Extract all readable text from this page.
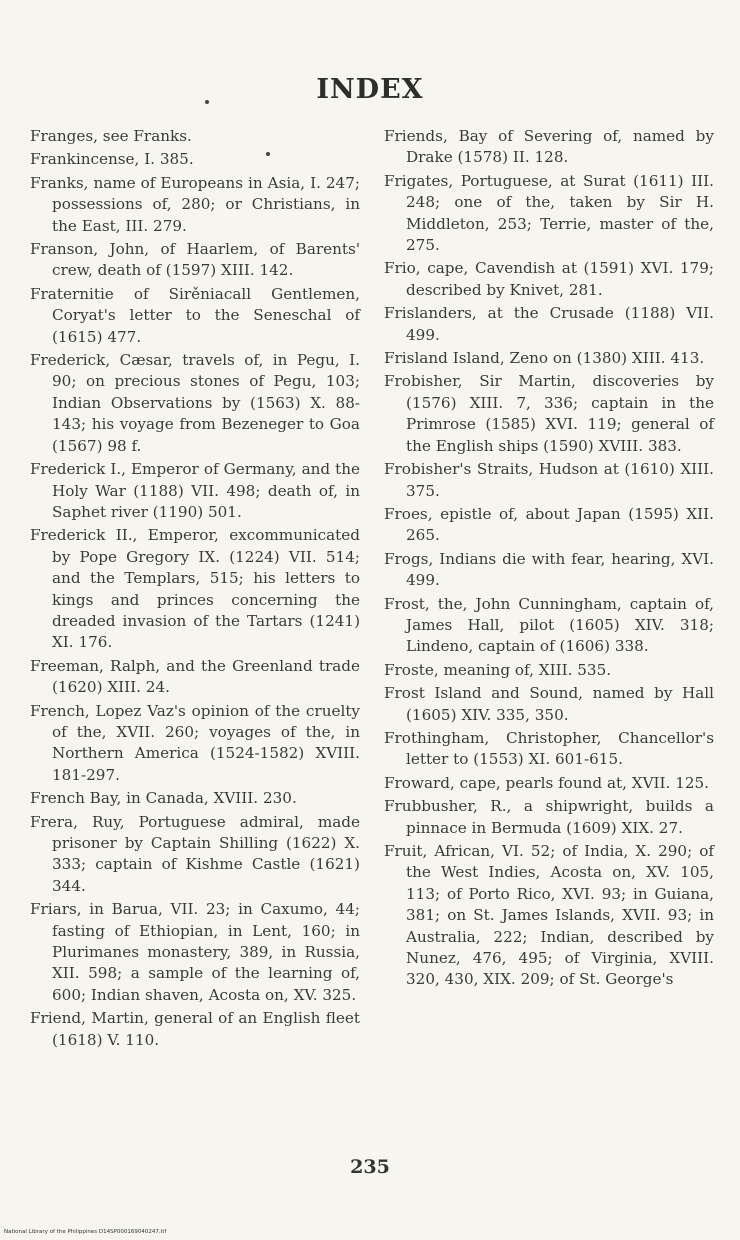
INDEX

Franges, see Franks.

Frankincense, I. 385.

Franks, name of Europeans in Asia, I. 247; possessions of, 280; or Christians, in the East, III. 279.

Franson, John, of Haarlem, of Barents' crew, death of (1597) XIII. 142.

Fraternitie of Sirěniacall Gentlemen, Coryat's letter to the Seneschal of (1615) 477.

Frederick, Cæsar, travels of, in Pegu, I. 90; on precious stones of Pegu, 103; Indian Observations by (1563) X. 88-143; his voyage from Bezeneger to Goa (1567) 98 f.

Frederick I., Emperor of Germany, and the Holy War (1188) VII. 498; death of, in Saphet river (1190) 501.

Frederick II., Emperor, excommunicated by Pope Gregory IX. (1224) VII. 514; and the Templars, 515; his letters to kings and princes concerning the dreaded invasion of the Tartars (1241) XI. 176.

Freeman, Ralph, and the Greenland trade (1620) XIII. 24.

French, Lopez Vaz's opinion of the cruelty of the, XVII. 260; voyages of the, in Northern America (1524-1582) XVIII. 181-297.

French Bay, in Canada, XVIII. 230.

Frera, Ruy, Portuguese admiral, made prisoner by Captain Shilling (1622) X. 333; captain of Kishme Castle (1621) 344.

Friars, in Barua, VII. 23; in Caxumo, 44; fasting of Ethiopian, in Lent, 160; in Plurimanes monastery, 389, in Russia, XII. 598; a sample of the learning of, 600; Indian shaven, Acosta on, XV. 325.

Friend, Martin, general of an English fleet (1618) V. 110.

Friends, Bay of Severing of, named by Drake (1578) II. 128.

Frigates, Portuguese, at Surat (1611) III. 248; one of the, taken by Sir H. Middleton, 253; Terrie, master of the, 275.

Frio, cape, Cavendish at (1591) XVI. 179; described by Knivet, 281.

Frislanders, at the Crusade (1188) VII. 499.

Frisland Island, Zeno on (1380) XIII. 413.

Frobisher, Sir Martin, discoveries by (1576) XIII. 7, 336; captain in the Primrose (1585) XVI. 119; general of the English ships (1590) XVIII. 383.

Frobisher's Straits, Hudson at (1610) XIII. 375.

Froes, epistle of, about Japan (1595) XII. 265.

Frogs, Indians die with fear, hearing, XVI. 499.

Frost, the, John Cunningham, captain of, James Hall, pilot (1605) XIV. 318; Lindeno, captain of (1606) 338.

Froste, meaning of, XIII. 535.

Frost Island and Sound, named by Hall (1605) XIV. 335, 350.

Frothingham, Christopher, Chancellor's letter to (1553) XI. 601-615.

Froward, cape, pearls found at, XVII. 125.

Frubbusher, R., a shipwright, builds a pinnace in Bermuda (1609) XIX. 27.

Fruit, African, VI. 52; of India, X. 290; of the West Indies, Acosta on, XV. 105, 113; of Porto Rico, XVI. 93; in Guiana, 381; on St. James Islands, XVII. 93; in Australia, 222; Indian, described by Nunez, 476, 495; of Virginia, XVIII. 320, 430, XIX. 209; of St. George's

235
National Library of the Philippines D14SP000169040247.tif
